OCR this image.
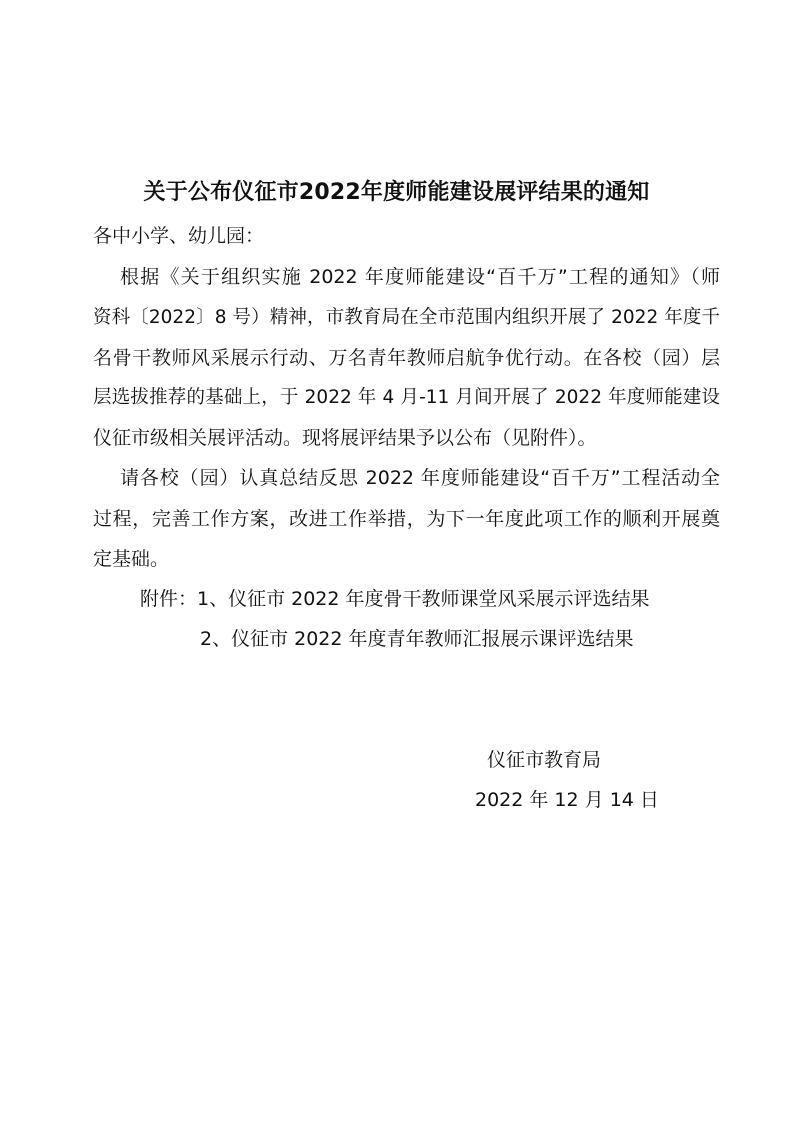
关于公布仪征市2022年度师能建设展评结果的通知
各中小学、幼儿园：
根据《关于组织实施 2022 年度师能建设“百千万”工程的通知》（师
资科〔2022〕8 号）精神，市教育局在全市范围内组织开展了 2022 年度千
名骨干教师风采展示行动、万名青年教师启航争优行动。在各校（园）层
层选拔推荐的基础上，于 2022 年 4 月-11 月间开展了 2022 年度师能建设
仪征市级相关展评活动。现将展评结果予以公布（见附件）。
请各校（园）认真总结反思 2022 年度师能建设“百千万”工程活动全
过程，完善工作方案，改进工作举措，为下一年度此项工作的顺利开展奠
定基础。
附件：1、仪征市 2022 年度骨干教师课堂风采展示评选结果
2、仪征市 2022 年度青年教师汇报展示课评选结果
仪征市教育局
2022 年 12 月 14 日
